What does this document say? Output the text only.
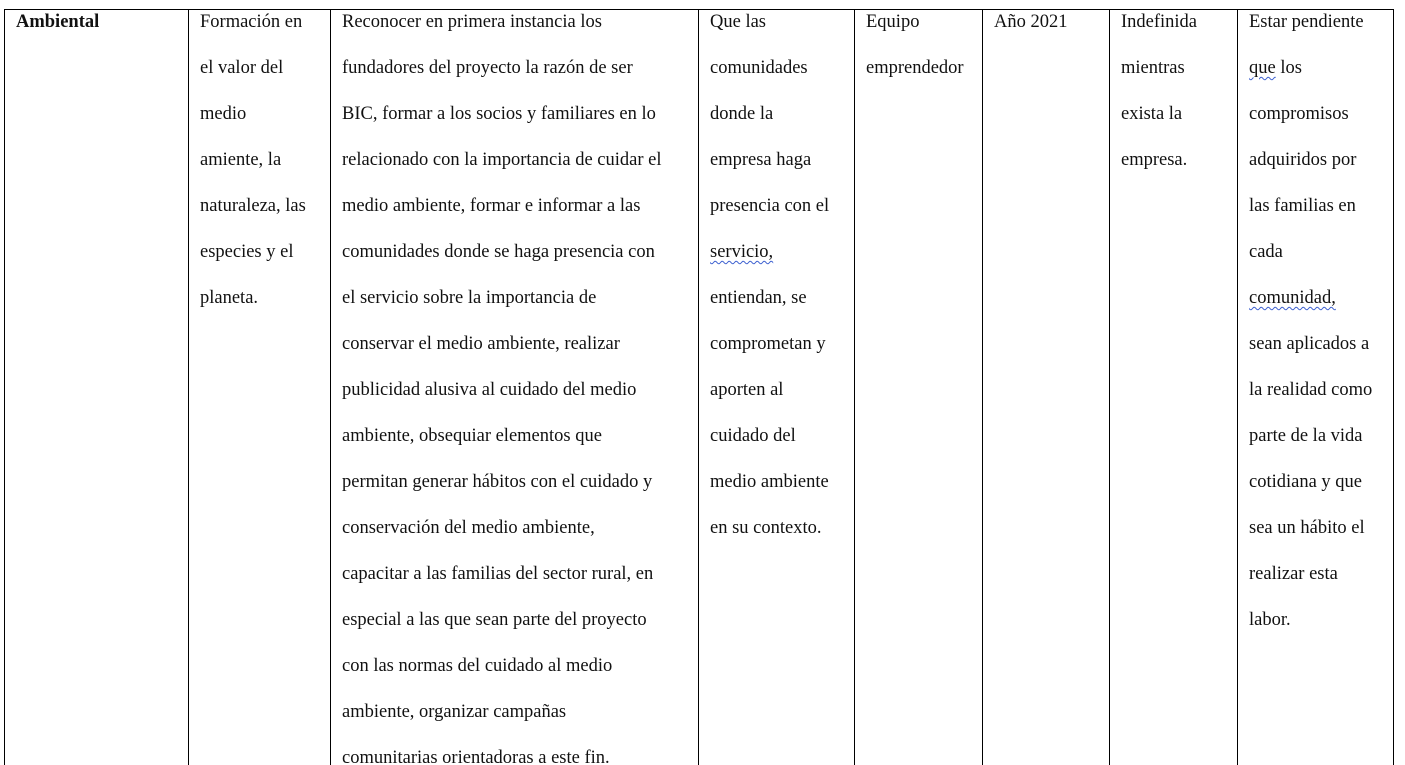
Ambiental	Formación en
el valor del
medio
amiente, la
naturaleza, las
especies y el
planeta.
Reconocer en primera instancia los
fundadores del proyecto la razón de ser
BIC, formar a los socios y familiares en lo
relacionado con la importancia de cuidar el
medio ambiente, formar e informar a las
comunidades donde se haga presencia con
el servicio sobre la importancia de
conservar el medio ambiente, realizar
publicidad alusiva al cuidado del medio
ambiente, obsequiar elementos que
permitan generar hábitos con el cuidado y
conservación del medio ambiente,
capacitar a las familias del sector rural, en
especial a las que sean parte del proyecto
con las normas del cuidado al medio
ambiente, organizar campañas
comunitarias orientadoras a este fin.
Que las
comunidades
donde la
empresa haga
presencia con el
servicio,
entiendan, se
comprometan y
aporten al
cuidado del
medio ambiente
en su contexto.
Equipo
emprendedor
Año 2021	Indefinida
mientras
exista la
empresa.
Estar pendiente
que los
compromisos
adquiridos por
las familias en
cada
comunidad,
sean aplicados a
la realidad como
parte de la vida
cotidiana y que
sea un hábito el
realizar esta
labor.
